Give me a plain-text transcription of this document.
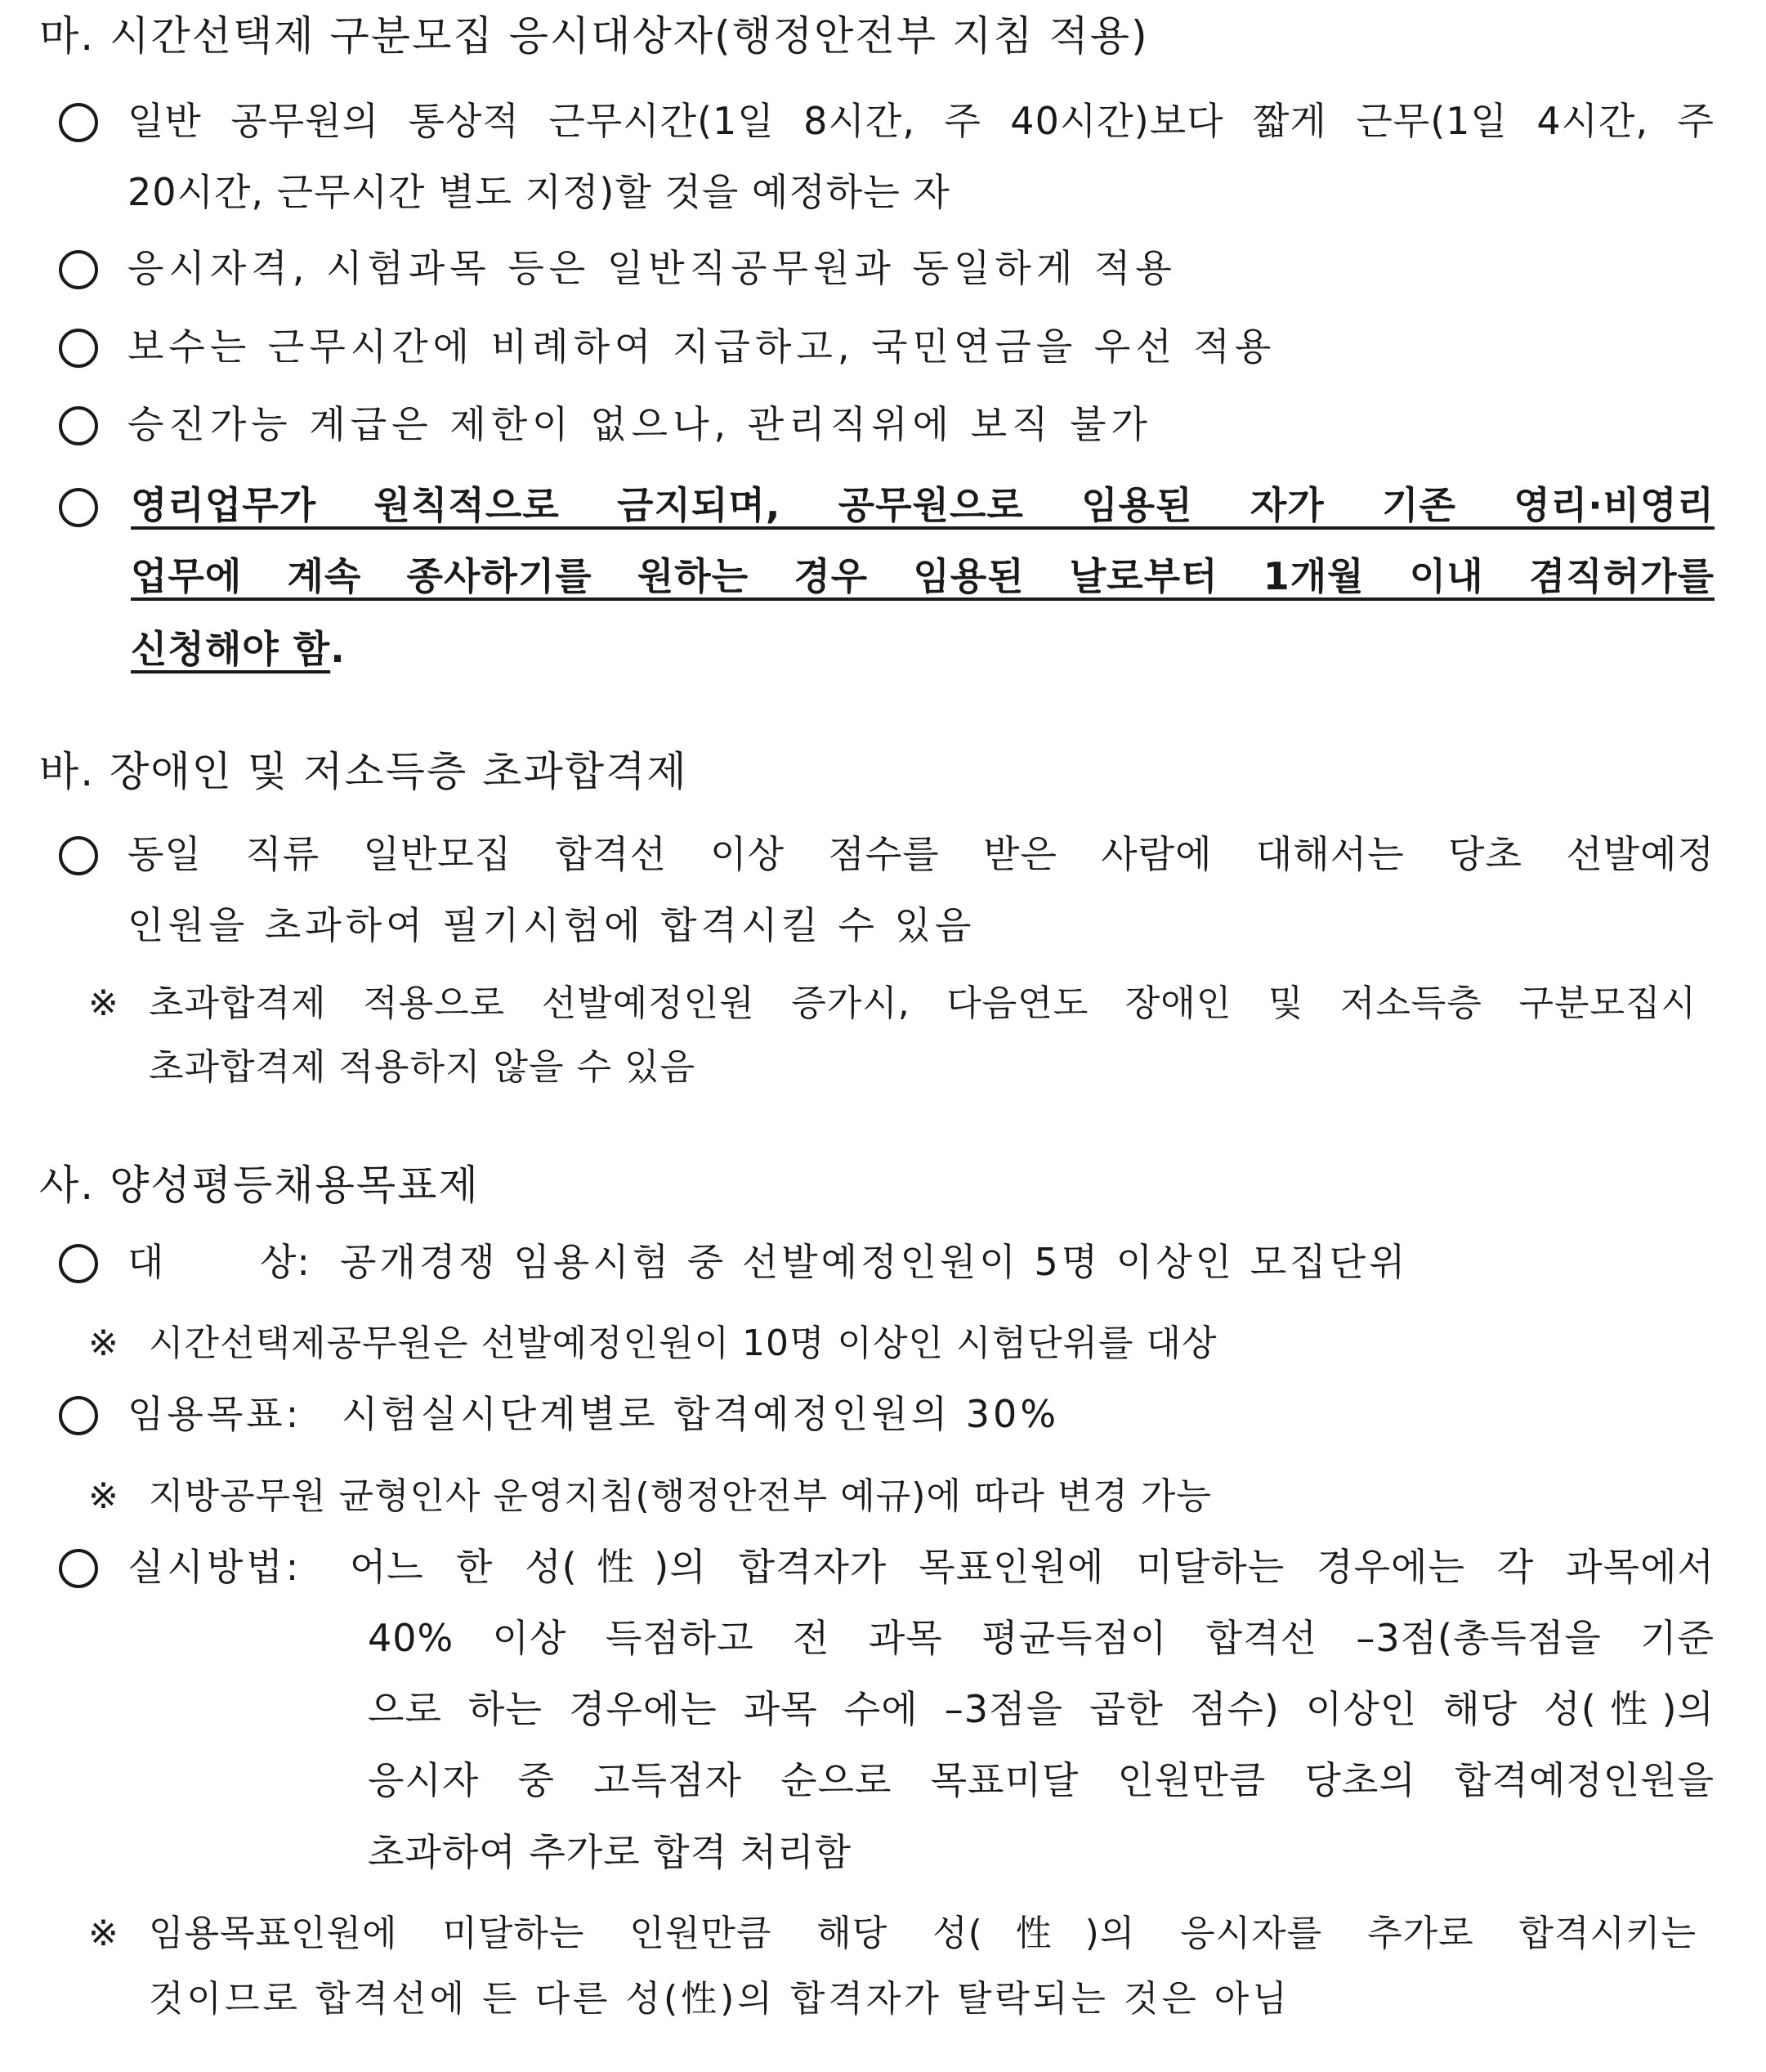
마. 시간선택제 구분모집 응시대상자(행정안전부 지침 적용)
일반 공무원의 통상적 근무시간(1일 8시간, 주 40시간)보다 짧게 근무(1일 4시간, 주
20시간, 근무시간 별도 지정)할 것을 예정하는 자
응시자격, 시험과목 등은 일반직공무원과 동일하게 적용
보수는 근무시간에 비례하여 지급하고, 국민연금을 우선 적용
승진가능 계급은 제한이 없으나, 관리직위에 보직 불가
영리업무가 원칙적으로 금지되며, 공무원으로 임용된 자가 기존 영리·비영리
업무에 계속 종사하기를 원하는 경우 임용된 날로부터 1개월 이내 겸직허가를
신청해야 함.
바. 장애인 및 저소득층 초과합격제
동일 직류 일반모집 합격선 이상 점수를 받은 사람에 대해서는 당초 선발예정
인원을 초과하여 필기시험에 합격시킬 수 있음
※ 초과합격제 적용으로 선발예정인원 증가시, 다음연도 장애인 및 저소득층 구분모집시
초과합격제 적용하지 않을 수 있음
사. 양성평등채용목표제
대	상: 공개경쟁 임용시험 중 선발예정인원이 5명 이상인 모집단위
※ 시간선택제공무원은 선발예정인원이 10명 이상인 시험단위를 대상
임용목표: 시험실시단계별로 합격예정인원의 30%
※ 지방공무원 균형인사 운영지침(행정안전부 예규)에 따라 변경 가능
실시방법: 어느 한 성(性)의 합격자가 목표인원에 미달하는 경우에는 각 과목에서
40% 이상 득점하고 전 과목 평균득점이 합격선 –3점(총득점을 기준
으로 하는 경우에는 과목 수에 –3점을 곱한 점수) 이상인 해당 성(性)의
응시자 중 고득점자 순으로 목표미달 인원만큼 당초의 합격예정인원을
초과하여 추가로 합격 처리함
※ 임용목표인원에 미달하는 인원만큼 해당 성(性)의 응시자를 추가로 합격시키는
것이므로 합격선에 든 다른 성(性)의 합격자가 탈락되는 것은 아님
